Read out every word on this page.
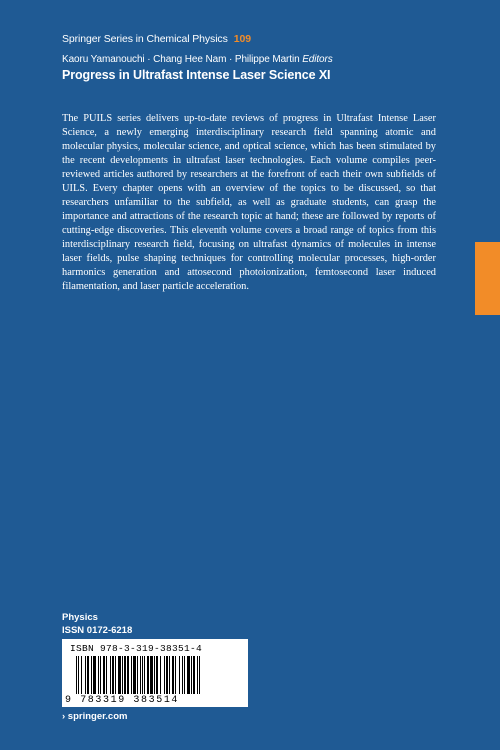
Springer Series in Chemical Physics 109
Kaoru Yamanouchi · Chang Hee Nam · Philippe Martin Editors
Progress in Ultrafast Intense Laser Science XI

The PUILS series delivers up-to-date reviews of progress in Ultrafast Intense Laser Science, a newly emerging interdisciplinary research field spanning atomic and molecular physics, molecular science, and optical science, which has been stimulated by the recent developments in ultrafast laser technologies. Each volume compiles peer-reviewed articles authored by researchers at the forefront of each their own subfields of UILS. Every chapter opens with an overview of the topics to be discussed, so that researchers unfamiliar to the subfield, as well as graduate students, can grasp the importance and attractions of the research topic at hand; these are followed by reports of cutting-edge discoveries. This eleventh volume covers a broad range of topics from this interdisciplinary research field, focusing on ultrafast dynamics of molecules in intense laser fields, pulse shaping techniques for controlling molecular processes, high-order harmonics generation and attosecond photoionization, femtosecond laser induced filamentation, and laser particle acceleration.

Physics
ISSN 0172-6218
ISBN 978-3-319-38351-4
9 783319 383514
› springer.com
